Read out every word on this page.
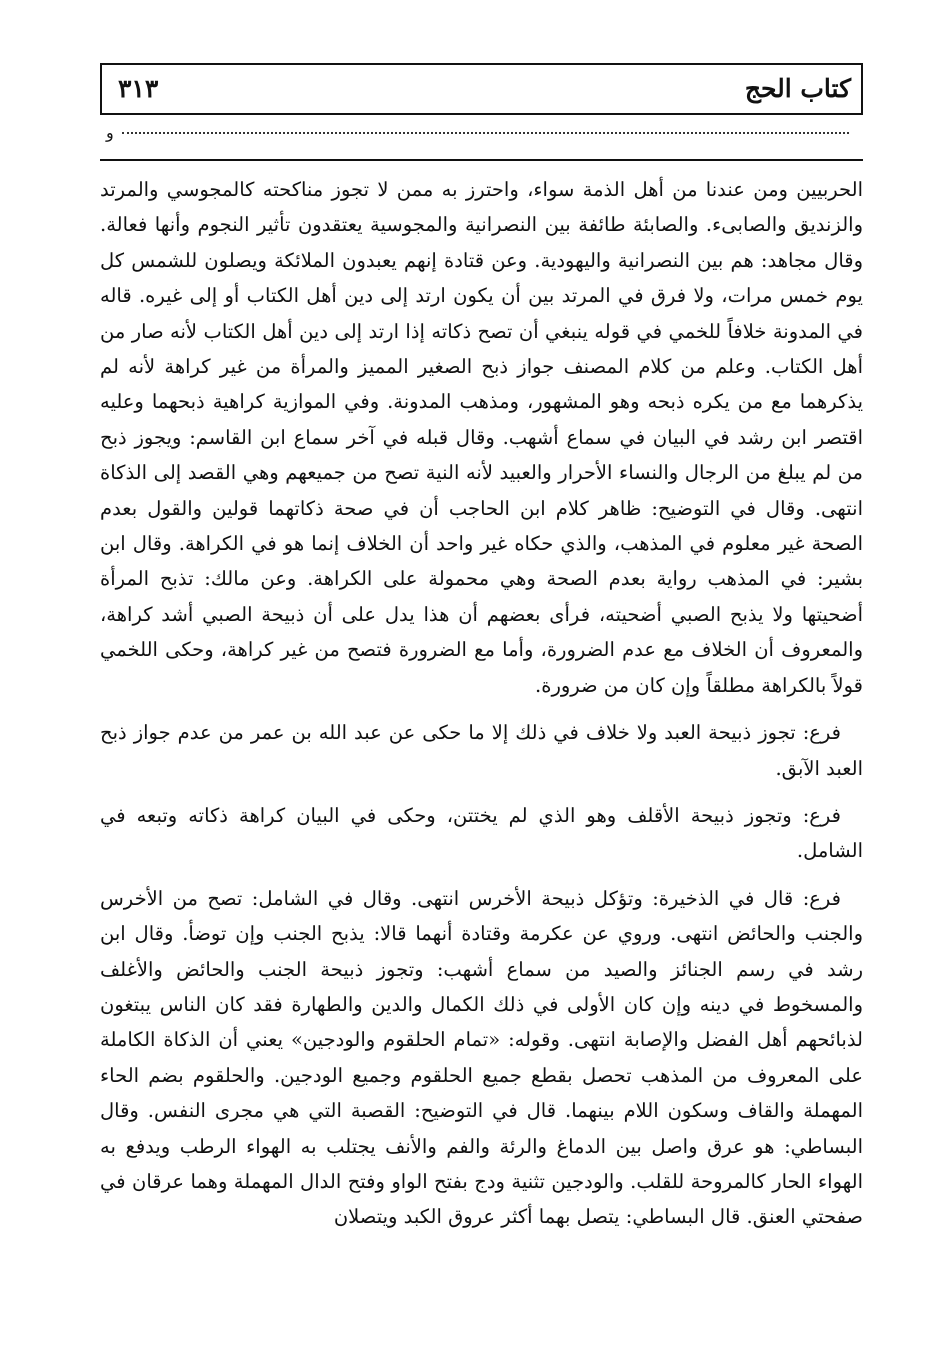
كتاب الحج
٣١٣
و

الحربيين ومن عندنا من أهل الذمة سواء، واحترز به ممن لا تجوز مناكحته كالمجوسي والمرتد والزنديق والصابىء. والصابئة طائفة بين النصرانية والمجوسية يعتقدون تأثير النجوم وأنها فعالة. وقال مجاهد: هم بين النصرانية واليهودية. وعن قتادة إنهم يعبدون الملائكة ويصلون للشمس كل يوم خمس مرات، ولا فرق في المرتد بين أن يكون ارتد إلى دين أهل الكتاب أو إلى غيره. قاله في المدونة خلافاً للخمي في قوله ينبغي أن تصح ذكاته إذا ارتد إلى دين أهل الكتاب لأنه صار من أهل الكتاب. وعلم من كلام المصنف جواز ذبح الصغير المميز والمرأة من غير كراهة لأنه لم يذكرهما مع من يكره ذبحه وهو المشهور، ومذهب المدونة. وفي الموازية كراهية ذبحهما وعليه اقتصر ابن رشد في البيان في سماع أشهب. وقال قبله في آخر سماع ابن القاسم: ويجوز ذبح من لم يبلغ من الرجال والنساء الأحرار والعبيد لأنه النية تصح من جميعهم وهي القصد إلى الذكاة انتهى. وقال في التوضيح: ظاهر كلام ابن الحاجب أن في صحة ذكاتهما قولين والقول بعدم الصحة غير معلوم في المذهب، والذي حكاه غير واحد أن الخلاف إنما هو في الكراهة. وقال ابن بشير: في المذهب رواية بعدم الصحة وهي محمولة على الكراهة. وعن مالك: تذبح المرأة أضحيتها ولا يذبح الصبي أضحيته، فرأى بعضهم أن هذا يدل على أن ذبيحة الصبي أشد كراهة، والمعروف أن الخلاف مع عدم الضرورة، وأما مع الضرورة فتصح من غير كراهة، وحكى اللخمي قولاً بالكراهة مطلقاً وإن كان من ضرورة.

فرع: تجوز ذبيحة العبد ولا خلاف في ذلك إلا ما حكى عن عبد الله بن عمر من عدم جواز ذبح العبد الآبق.

فرع: وتجوز ذبيحة الأقلف وهو الذي لم يختتن، وحكى في البيان كراهة ذكاته وتبعه في الشامل.

فرع: قال في الذخيرة: وتؤكل ذبيحة الأخرس انتهى. وقال في الشامل: تصح من الأخرس والجنب والحائض انتهى. وروي عن عكرمة وقتادة أنهما قالا: يذبح الجنب وإن توضأ. وقال ابن رشد في رسم الجنائز والصيد من سماع أشهب: وتجوز ذبيحة الجنب والحائض والأغلف والمسخوط في دينه وإن كان الأولى في ذلك الكمال والدين والطهارة فقد كان الناس يبتغون لذبائحهم أهل الفضل والإصابة انتهى. وقوله: «تمام الحلقوم والودجين» يعني أن الذكاة الكاملة على المعروف من المذهب تحصل بقطع جميع الحلقوم وجميع الودجين. والحلقوم بضم الحاء المهملة والقاف وسكون اللام بينهما. قال في التوضيح: القصبة التي هي مجرى النفس. وقال البساطي: هو عرق واصل بين الدماغ والرئة والفم والأنف يجتلب به الهواء الرطب ويدفع به الهواء الحار كالمروحة للقلب. والودجين تثنية ودج بفتح الواو وفتح الدال المهملة وهما عرقان في صفحتي العنق. قال البساطي: يتصل بهما أكثر عروق الكبد ويتصلان
